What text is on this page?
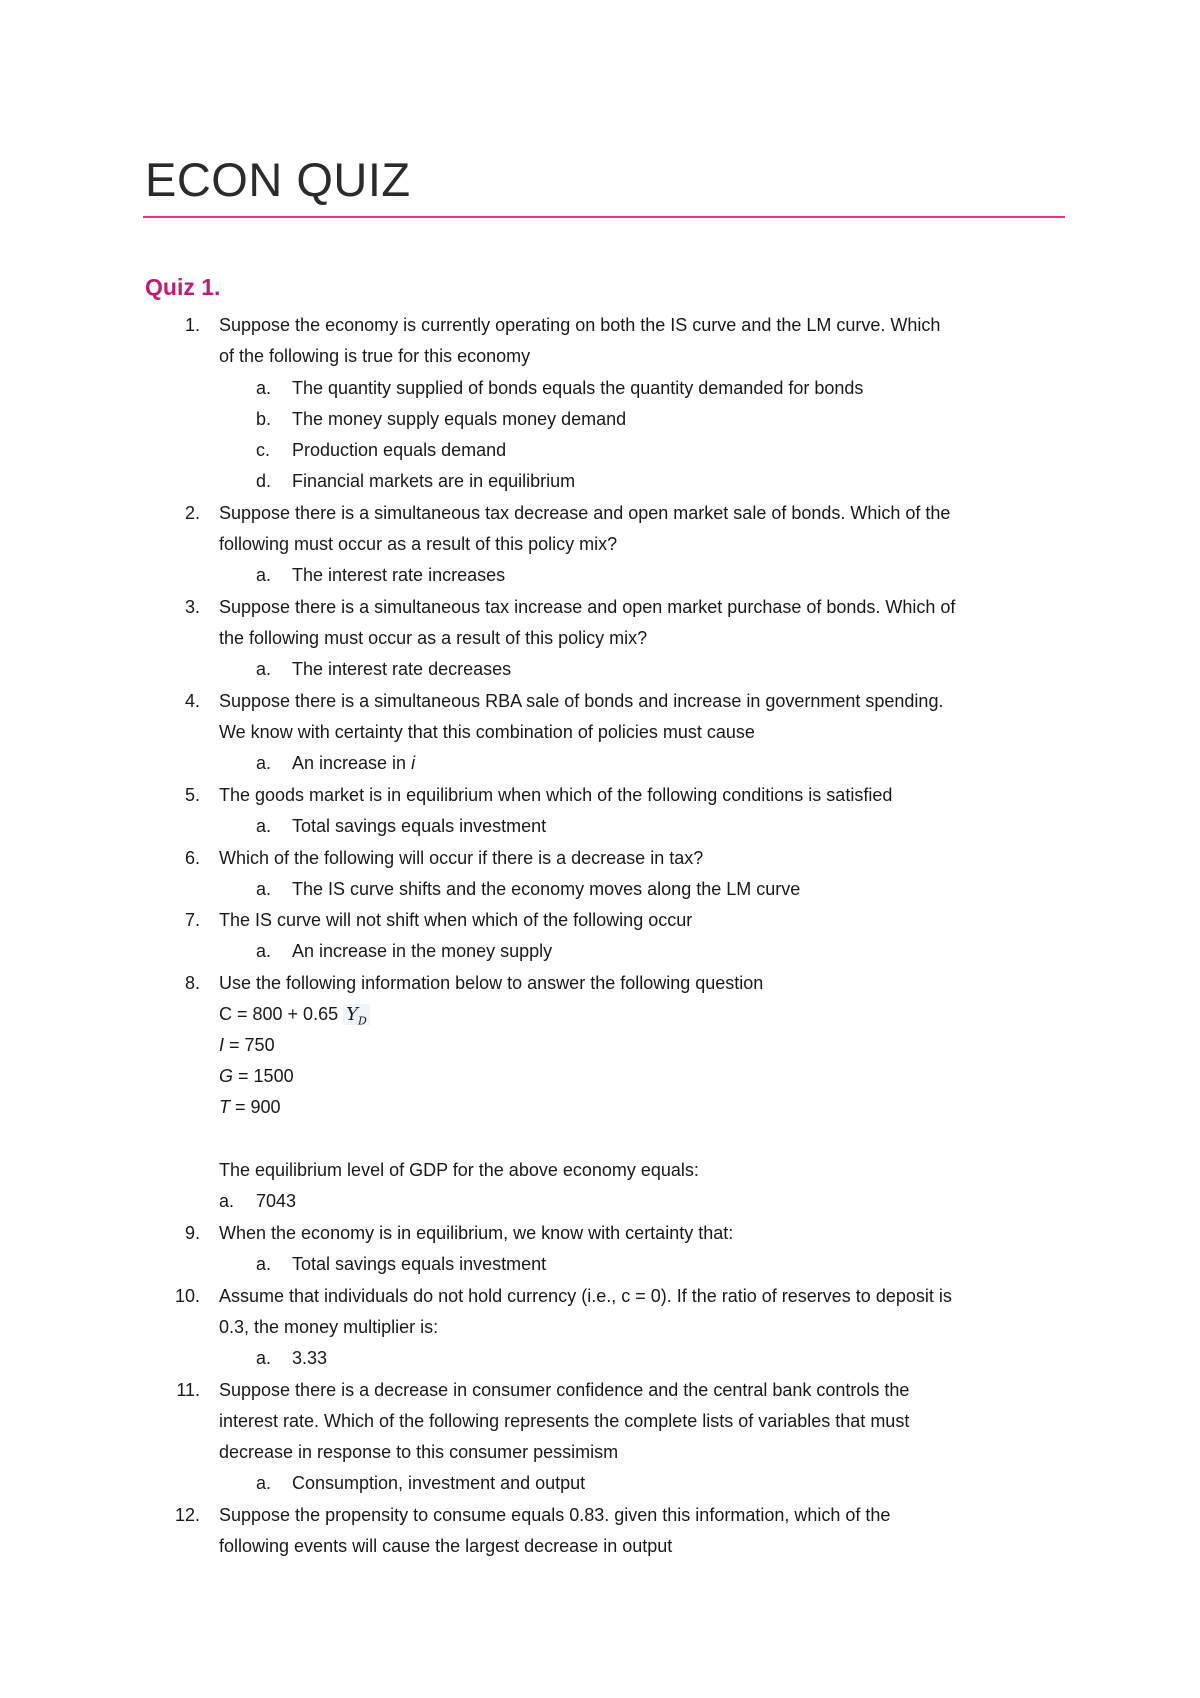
ECON QUIZ
Quiz 1.
1. Suppose the economy is currently operating on both the IS curve and the LM curve. Which
of the following is true for this economy
a. The quantity supplied of bonds equals the quantity demanded for bonds
b. The money supply equals money demand
c. Production equals demand
d. Financial markets are in equilibrium
2. Suppose there is a simultaneous tax decrease and open market sale of bonds. Which of the
following must occur as a result of this policy mix?
a. The interest rate increases
3. Suppose there is a simultaneous tax increase and open market purchase of bonds. Which of
the following must occur as a result of this policy mix?
a. The interest rate decreases
4. Suppose there is a simultaneous RBA sale of bonds and increase in government spending.
We know with certainty that this combination of policies must cause
a. An increase in i
5. The goods market is in equilibrium when which of the following conditions is satisfied
a. Total savings equals investment
6. Which of the following will occur if there is a decrease in tax?
a. The IS curve shifts and the economy moves along the LM curve
7. The IS curve will not shift when which of the following occur
a. An increase in the money supply
8. Use the following information below to answer the following question
C = 800 + 0.65 $Y_D$
I = 750
G = 1500
T = 900
The equilibrium level of GDP for the above economy equals:
a. 7043
9. When the economy is in equilibrium, we know with certainty that:
a. Total savings equals investment
10. Assume that individuals do not hold currency (i.e., c = 0). If the ratio of reserves to deposit is
0.3, the money multiplier is:
a. 3.33
11. Suppose there is a decrease in consumer confidence and the central bank controls the
interest rate. Which of the following represents the complete lists of variables that must
decrease in response to this consumer pessimism
a. Consumption, investment and output
12. Suppose the propensity to consume equals 0.83. given this information, which of the
following events will cause the largest decrease in output
